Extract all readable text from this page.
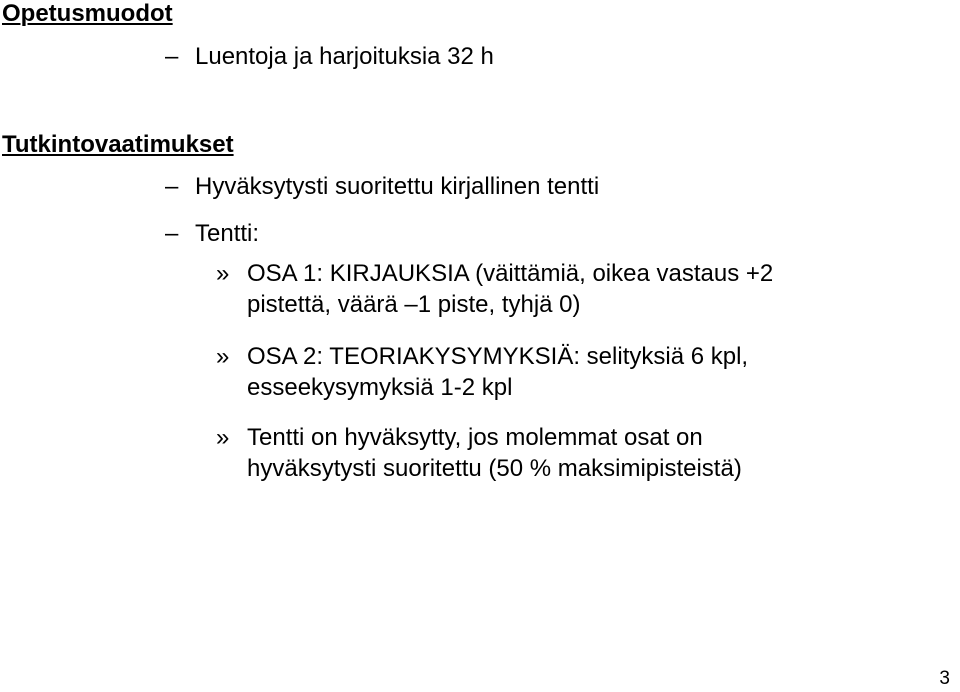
Opetusmuodot
– Luentoja ja harjoituksia 32 h
Tutkintovaatimukset
– Hyväksytysti suoritettu kirjallinen tentti
– Tentti:
» OSA 1: KIRJAUKSIA (väittämiä, oikea vastaus +2
pistettä, väärä –1 piste, tyhjä 0)
» OSA 2: TEORIAKYSYMYKSIÄ: selityksiä 6 kpl,
esseekysymyksiä 1-2 kpl
» Tentti on hyväksytty, jos molemmat osat on
hyväksytysti suoritettu (50 % maksimipisteistä)
3
